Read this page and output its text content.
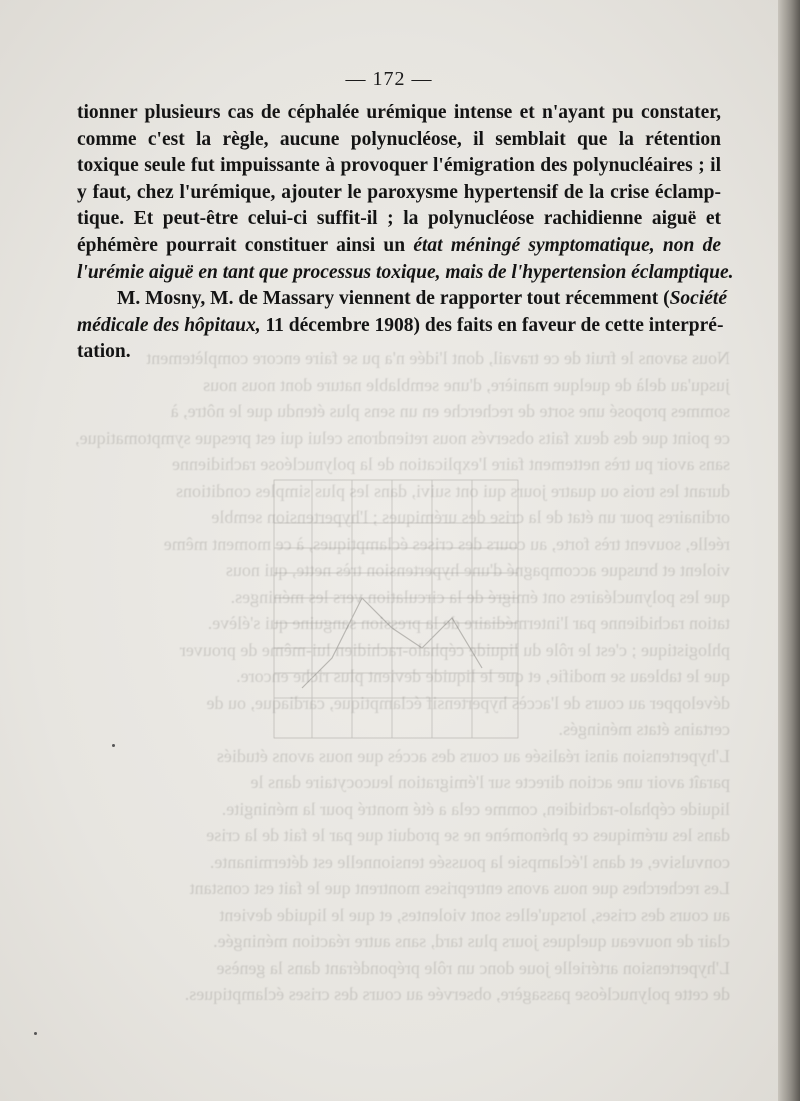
Nous savons le fruit de ce travail, dont l'idée n'a pu se faire encore complètement
jusqu'au delà de quelque manière, d'une semblable nature dont nous nous
sommes proposé une sorte de recherche en un sens plus étendu que le nôtre, à
ce point que des deux faits observés nous retiendrons celui qui est presque symptomatique,
sans avoir pu très nettement faire l'explication de la polynucléose rachidienne
durant les trois ou quatre jours qui ont suivi, dans les plus simples conditions
ordinaires pour un état de la crise des urémiques ; l'hypertension semble
réelle, souvent très forte, au cours des crises éclamptiques, à ce moment même
violent et brusque accompagné d'une hypertension très nette, qui nous
que les polynucléaires ont émigré de la circulation vers les méninges.
tation rachidienne par l'intermédiaire de la pression sanguine qui s'élève.
phlogistique ; c'est le rôle du liquide céphalo-rachidien lui-même de prouver
que le tableau se modifie, et que le liquide devient plus riche encore.
développer au cours de l'accès hypertensif éclamptique, cardiaque, ou de
certains états méningés.
L'hypertension ainsi réalisée au cours des accès que nous avons étudiés
paraît avoir une action directe sur l'émigration leucocytaire dans le
liquide céphalo-rachidien, comme cela a été montré pour la méningite.
dans les urémiques ce phénomène ne se produit que par le fait de la crise
convulsive, et dans l'éclampsie la poussée tensionnelle est déterminante.
Les recherches que nous avons entreprises montrent que le fait est constant
au cours des crises, lorsqu'elles sont violentes, et que le liquide devient
clair de nouveau quelques jours plus tard, sans autre réaction méningée.
L'hypertension artérielle joue donc un rôle prépondérant dans la genèse
de cette polynucléose passagère, observée au cours des crises éclamptiques.
— 172 —
tionner plusieurs cas de céphalée urémique intense et n'ayant pu constater,
comme c'est la règle, aucune polynucléose, il semblait que la rétention
toxique seule fut impuissante à provoquer l'émigration des polynucléaires ; il
y faut, chez l'urémique, ajouter le paroxysme hypertensif de la crise éclamp-
tique. Et peut-être celui-ci suffit-il ; la polynucléose rachidienne aiguë et
éphémère pourrait constituer ainsi un état méningé symptomatique, non de
l'urémie aiguë en tant que processus toxique, mais de l'hypertension éclamptique.
M. Mosny, M. de Massary viennent de rapporter tout récemment (Société
médicale des hôpitaux, 11 décembre 1908) des faits en faveur de cette interpré-
tation.
